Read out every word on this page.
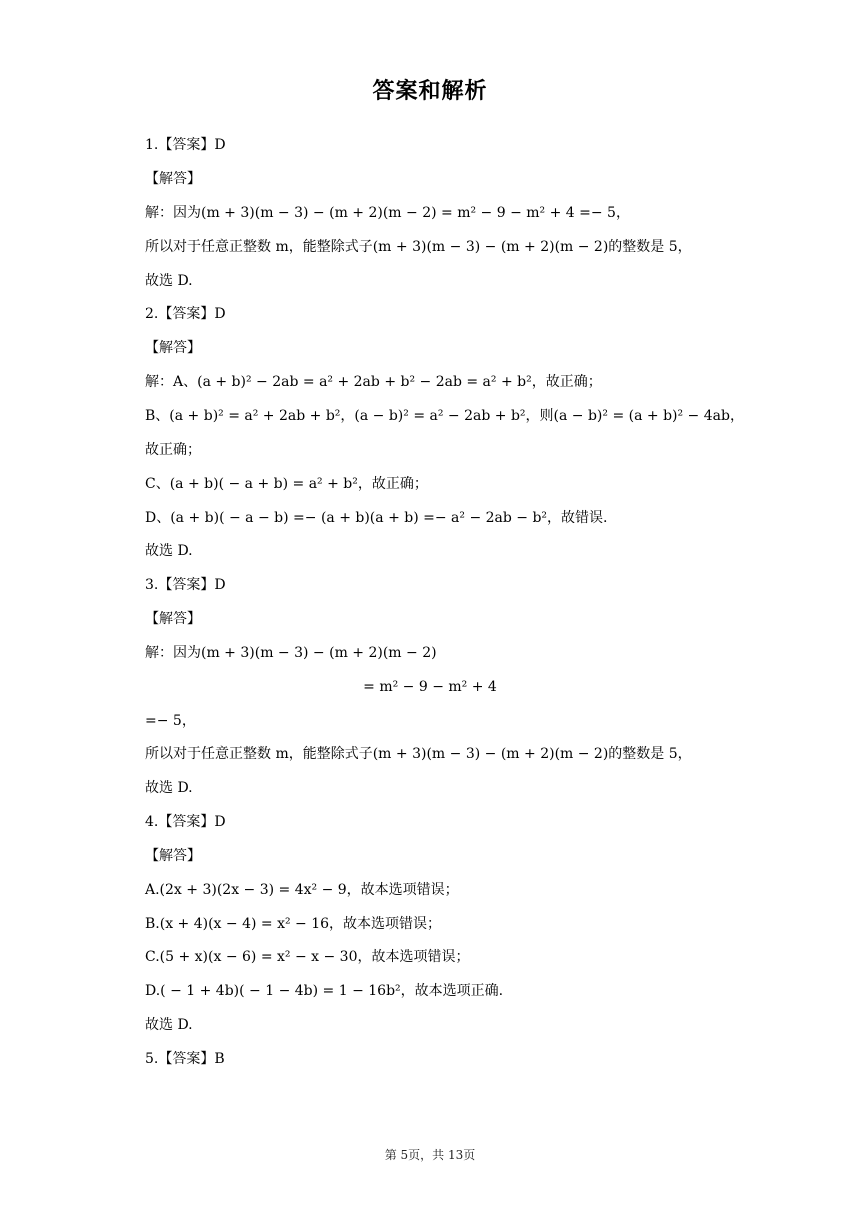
答案和解析
1.【答案】D
【解答】
解：因为(m + 3)(m − 3) − (m + 2)(m − 2) = m² − 9 − m² + 4 =− 5，
所以对于任意正整数 m，能整除式子(m + 3)(m − 3) − (m + 2)(m − 2)的整数是 5，
故选 D.
2.【答案】D
【解答】
解：A、(a + b)² − 2ab = a² + 2ab + b² − 2ab = a² + b²，故正确；
B、(a + b)² = a² + 2ab + b²，(a − b)² = a² − 2ab + b²，则(a − b)² = (a + b)² − 4ab，
故正确；
C、(a + b)( − a + b) = a² + b²，故正确；
D、(a + b)( − a − b) =− (a + b)(a + b) =− a² − 2ab − b²，故错误.
故选 D.
3.【答案】D
【解答】
解：因为(m + 3)(m − 3) − (m + 2)(m − 2)
= m² − 9 − m² + 4
=− 5，
所以对于任意正整数 m，能整除式子(m + 3)(m − 3) − (m + 2)(m − 2)的整数是 5，
故选 D.
4.【答案】D
【解答】
A.(2x + 3)(2x − 3) = 4x² − 9，故本选项错误；
B.(x + 4)(x − 4) = x² − 16，故本选项错误；
C.(5 + x)(x − 6) = x² − x − 30，故本选项错误；
D.( − 1 + 4b)( − 1 − 4b) = 1 − 16b²，故本选项正确.
故选 D.
5.【答案】B
第 5页，共 13页
